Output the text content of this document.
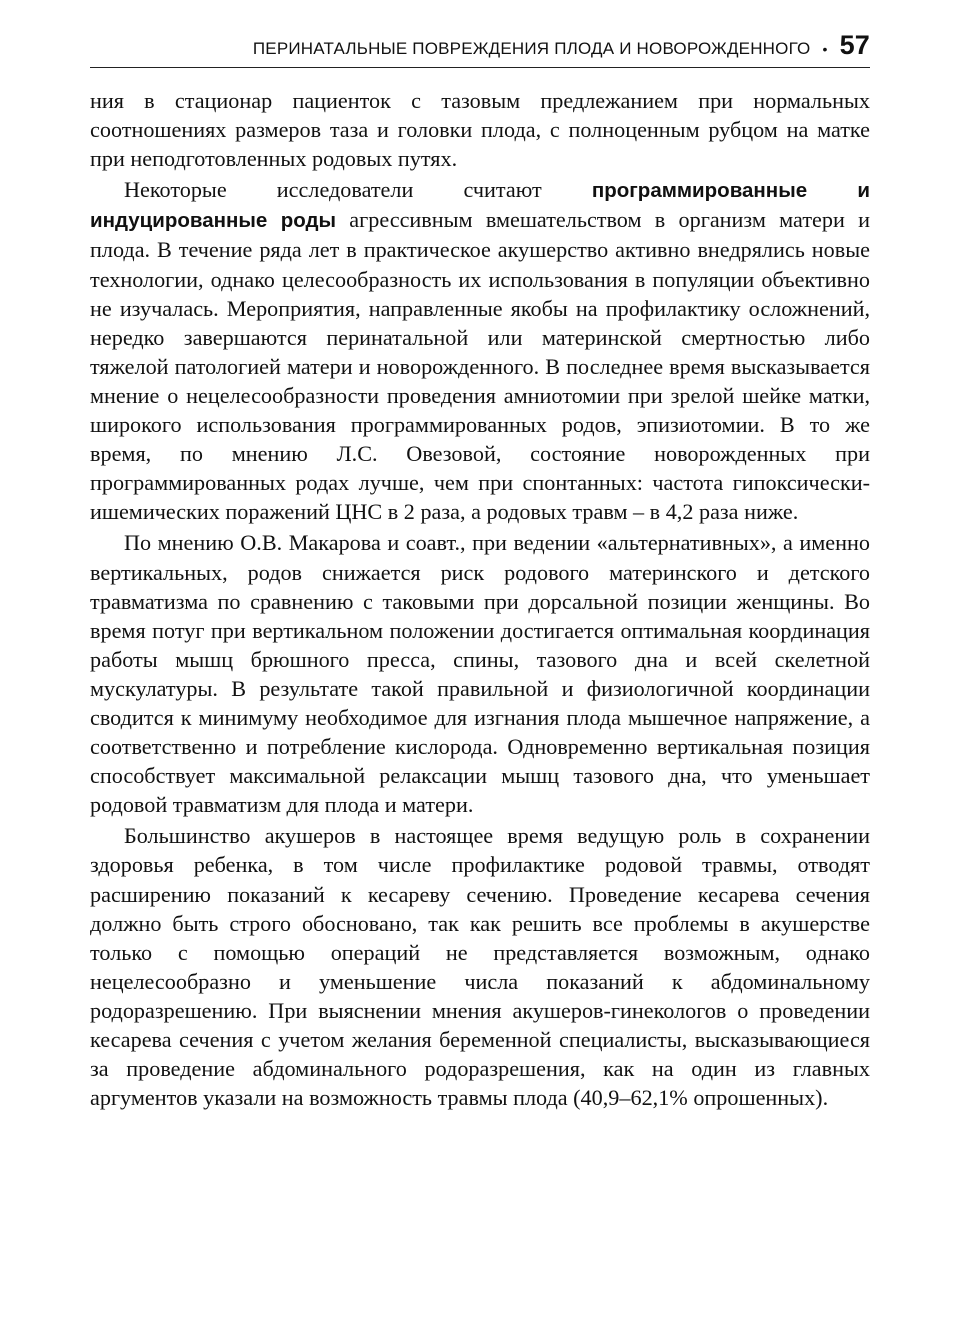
ПЕРИНАТАЛЬНЫЕ ПОВРЕЖДЕНИЯ ПЛОДА И НОВОРОЖДЕННОГО • 57

ния в стационар пациенток с тазовым предлежанием при нормальных соотношениях размеров таза и головки плода, с полноценным рубцом на матке при неподготовленных родовых путях.

Некоторые исследователи считают программированные и индуцированные роды агрессивным вмешательством в организм матери и плода. В течение ряда лет в практическое акушерство активно внедрялись новые технологии, однако целесообразность их использования в популяции объективно не изучалась. Мероприятия, направленные якобы на профилактику осложнений, нередко завершаются перинатальной или материнской смертностью либо тяжелой патологией матери и новорожденного. В последнее время высказывается мнение о нецелесообразности проведения амниотомии при зрелой шейке матки, широкого использования программированных родов, эпизиотомии. В то же время, по мнению Л.С. Овезовой, состояние новорожденных при программированных родах лучше, чем при спонтанных: частота гипоксически-ишемических поражений ЦНС в 2 раза, а родовых травм – в 4,2 раза ниже.

По мнению О.В. Макарова и соавт., при ведении «альтернативных», а именно вертикальных, родов снижается риск родового материнского и детского травматизма по сравнению с таковыми при дорсальной позиции женщины. Во время потуг при вертикальном положении достигается оптимальная координация работы мышц брюшного пресса, спины, тазового дна и всей скелетной мускулатуры. В результате такой правильной и физиологичной координации сводится к минимуму необходимое для изгнания плода мышечное напряжение, а соответственно и потребление кислорода. Одновременно вертикальная позиция способствует максимальной релаксации мышц тазового дна, что уменьшает родовой травматизм для плода и матери.

Большинство акушеров в настоящее время ведущую роль в сохранении здоровья ребенка, в том числе профилактике родовой травмы, отводят расширению показаний к кесареву сечению. Проведение кесарева сечения должно быть строго обосновано, так как решить все проблемы в акушерстве только с помощью операций не представляется возможным, однако нецелесообразно и уменьшение числа показаний к абдоминальному родоразрешению. При выяснении мнения акушеров-гинекологов о проведении кесарева сечения с учетом желания беременной специалисты, высказывающиеся за проведение абдоминального родоразрешения, как на один из главных аргументов указали на возможность травмы плода (40,9–62,1% опрошенных).
